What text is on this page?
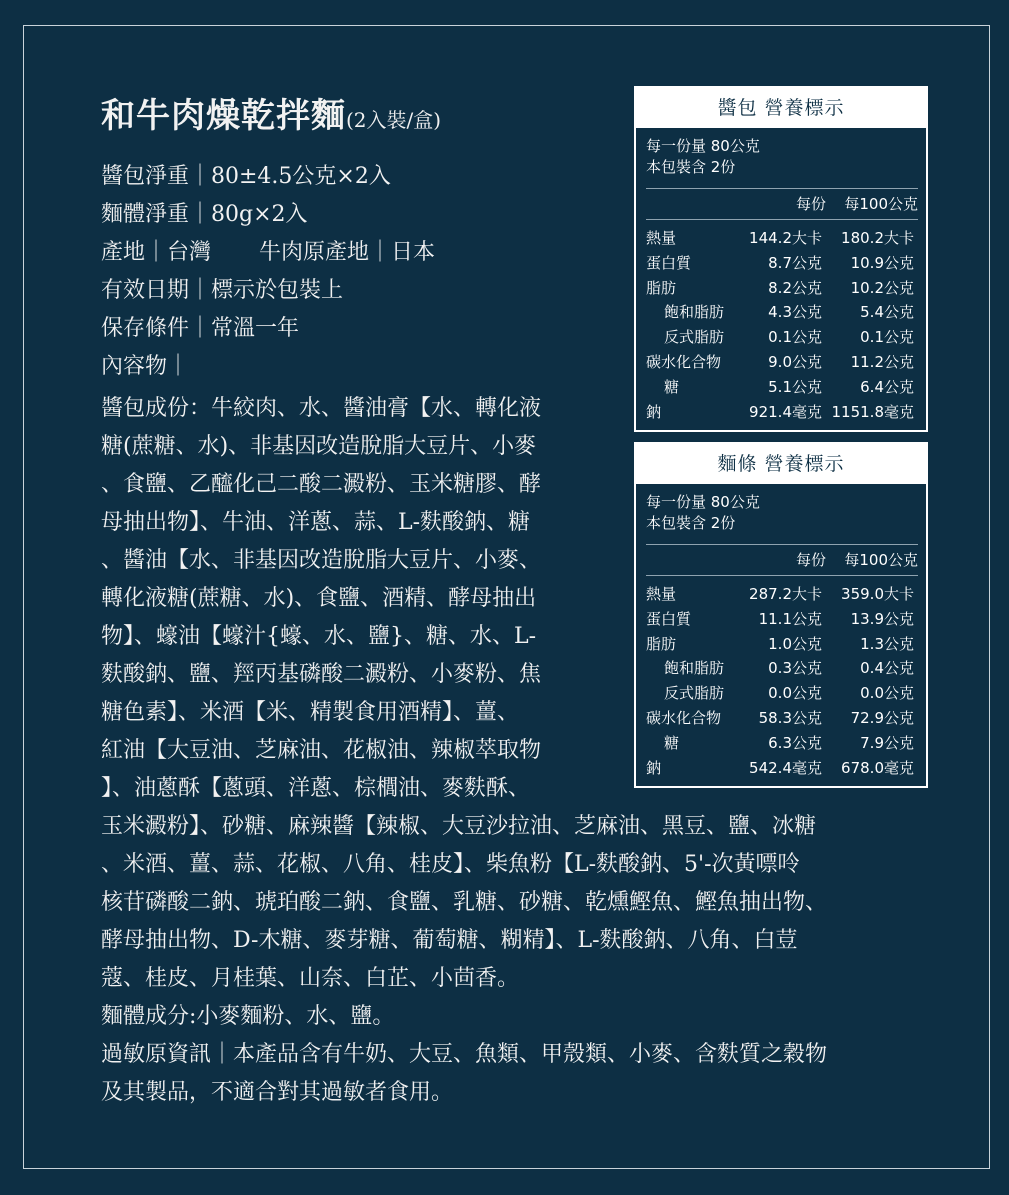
和牛肉燥乾拌麵(2入裝/盒)
醬包淨重｜80±4.5公克×2入
麵體淨重｜80g×2入
產地｜台灣 牛肉原產地｜日本
有效日期｜標示於包裝上
保存條件｜常溫一年
內容物｜

醬包成份：牛絞肉、水、醬油膏【水、轉化液

糖(蔗糖、水)、非基因改造脫脂大豆片、小麥

、食鹽、乙醯化己二酸二澱粉、玉米糖膠、酵

母抽出物】、牛油、洋蔥、蒜、L-麩酸鈉、糖

、醬油【水、非基因改造脫脂大豆片、小麥、

轉化液糖(蔗糖、水)、食鹽、酒精、酵母抽出

物】、蠔油【蠔汁{蠔、水、鹽}、糖、水、L-

麩酸鈉、鹽、羥丙基磷酸二澱粉、小麥粉、焦

糖色素】、米酒【米、精製食用酒精】、薑、

紅油【大豆油、芝麻油、花椒油、辣椒萃取物

】、油蔥酥【蔥頭、洋蔥、棕櫚油、麥麩酥、

玉米澱粉】、砂糖、麻辣醬【辣椒、大豆沙拉油、芝麻油、黑豆、鹽、冰糖

、米酒、薑、蒜、花椒、八角、桂皮】、柴魚粉【L-麩酸鈉、5'-次黃嘌呤

核苷磷酸二鈉、琥珀酸二鈉、食鹽、乳糖、砂糖、乾燻鰹魚、鰹魚抽出物、

酵母抽出物、D-木糖、麥芽糖、葡萄糖、糊精】、L-麩酸鈉、八角、白荳

蔻、桂皮、月桂葉、山奈、白芷、小茴香。

麵體成分:小麥麵粉、水、鹽。

過敏原資訊｜本產品含有牛奶、大豆、魚類、甲殼類、小麥、含麩質之穀物

及其製品，不適合對其過敏者食用。

醬包 營養標示
每一份量 80公克
本包裝含 2份
每份	每100公克
熱量	144.2大卡	180.2大卡
蛋白質	8.7公克	10.9公克
脂肪	8.2公克	10.2公克
飽和脂肪	4.3公克	5.4公克
反式脂肪	0.1公克	0.1公克
碳水化合物	9.0公克	11.2公克
糖	5.1公克	6.4公克
鈉	921.4毫克 1151.8毫克
麵條 營養標示
每一份量 80公克
本包裝含 2份
每份	每100公克
熱量	287.2大卡	359.0大卡
蛋白質	11.1公克	13.9公克
脂肪	1.0公克	1.3公克
飽和脂肪	0.3公克	0.4公克
反式脂肪	0.0公克	0.0公克
碳水化合物	58.3公克	72.9公克
糖	6.3公克	7.9公克
鈉	542.4毫克	678.0毫克
